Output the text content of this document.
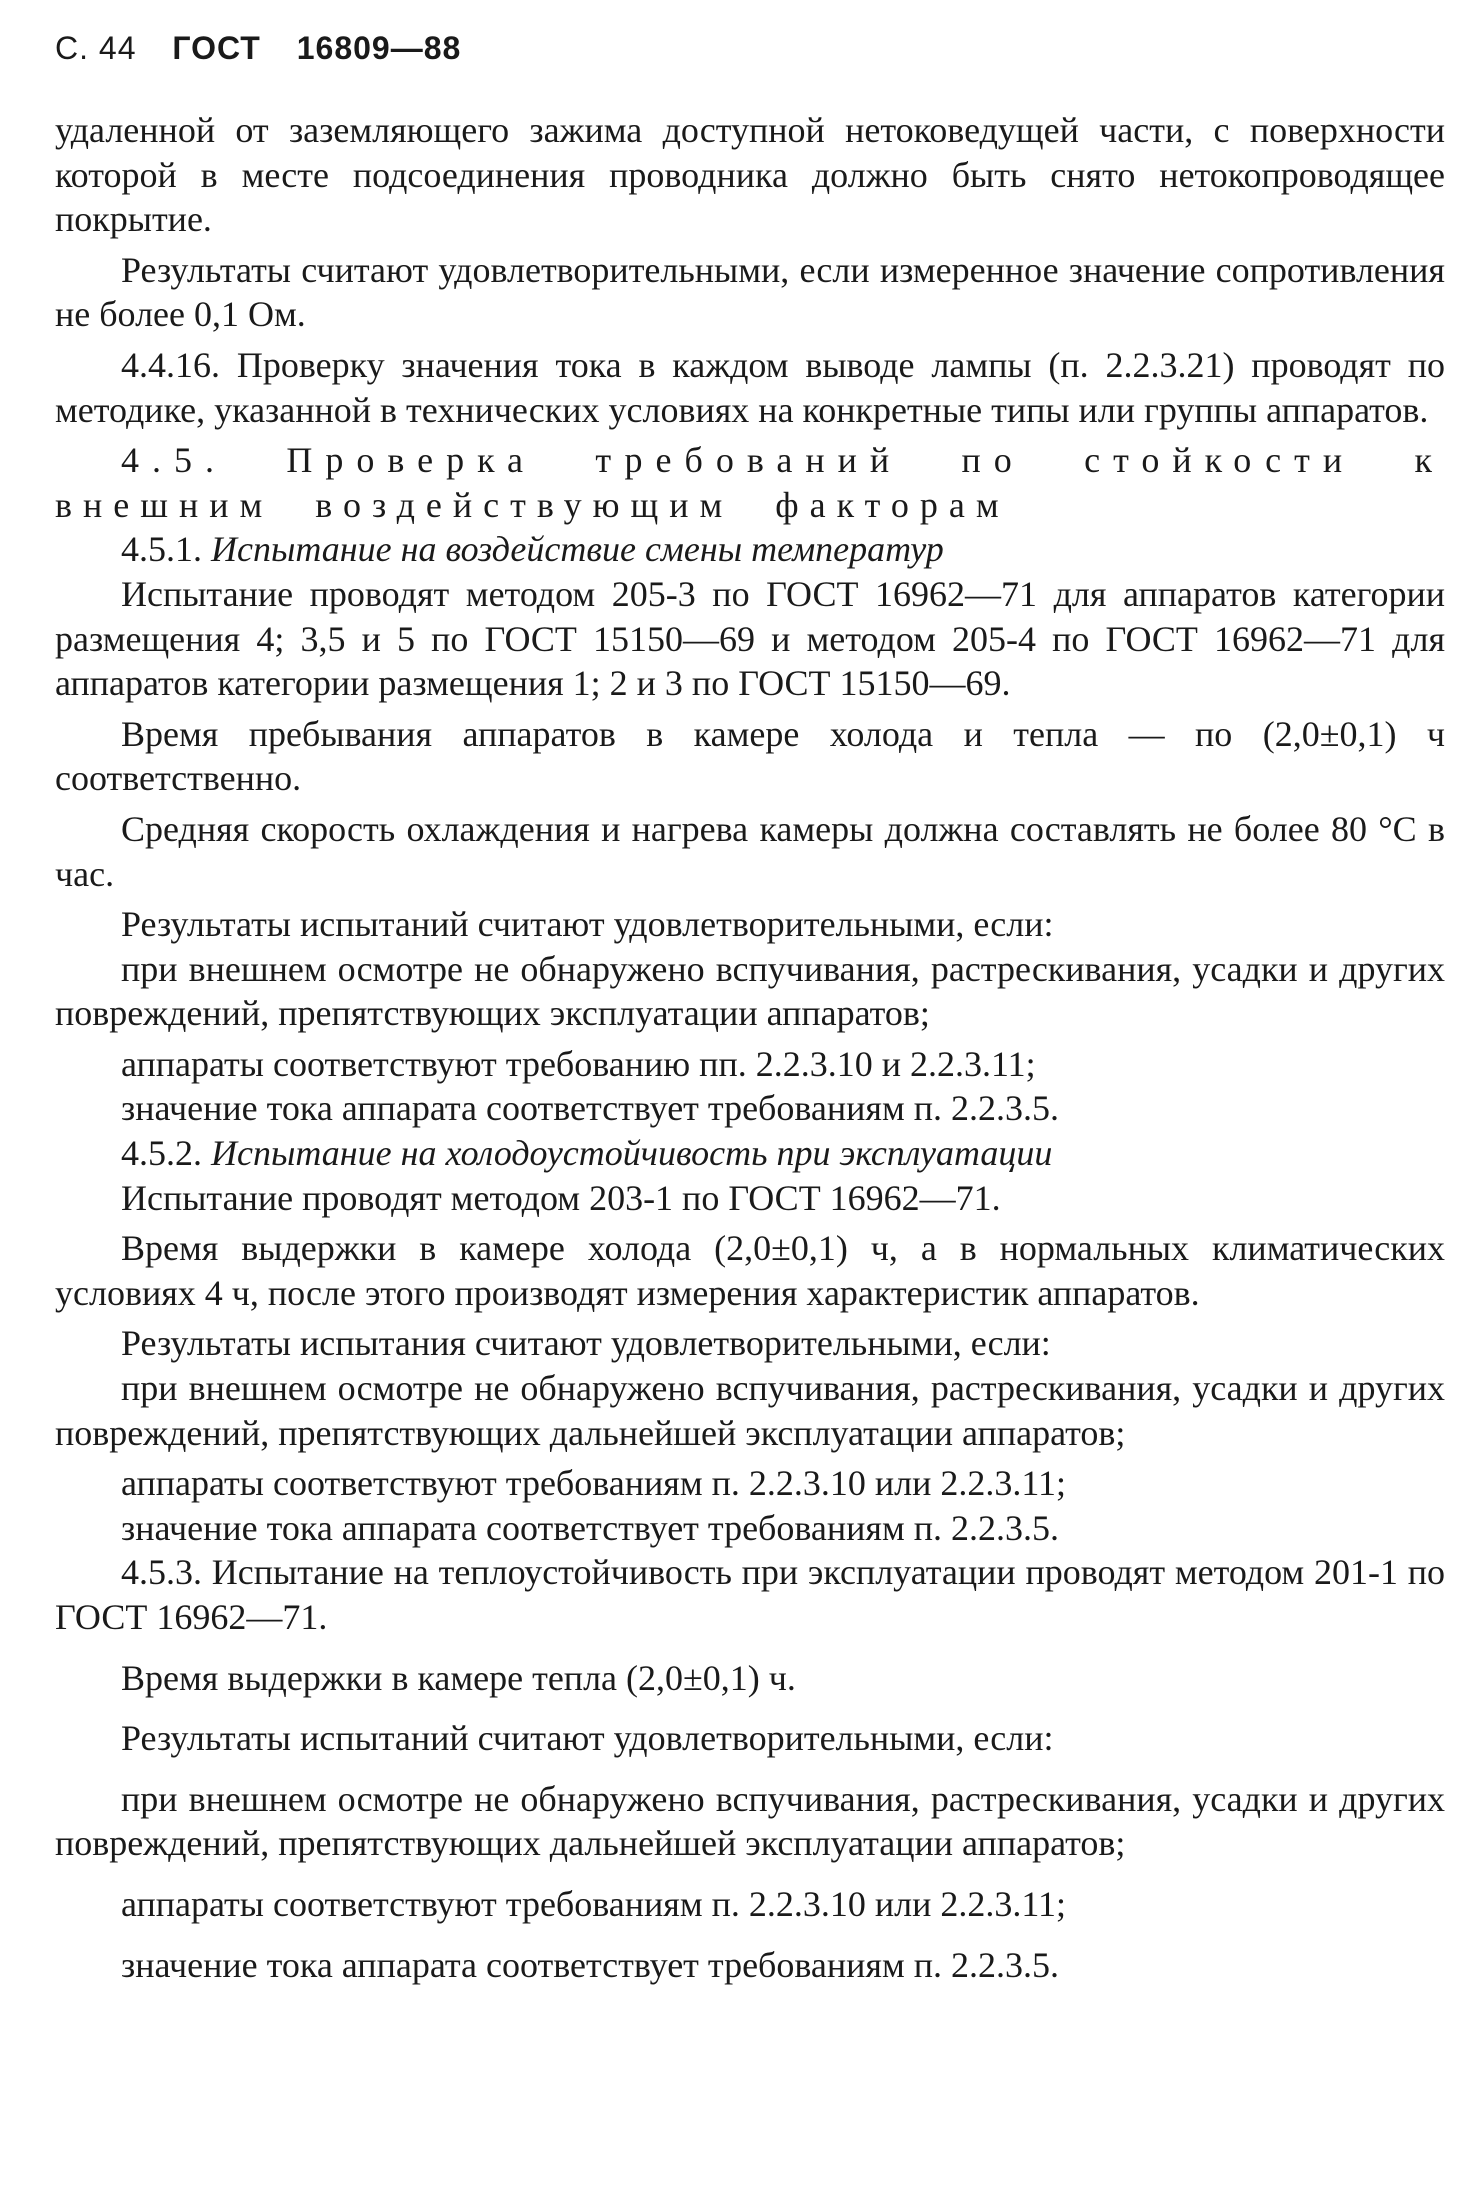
С. 44 ГОСТ 16809—88

удаленной от заземляющего зажима доступной нетоковедущей части, с поверхности которой в месте подсоединения проводника должно быть снято нетокопроводящее покрытие.

Результаты считают удовлетворительными, если измеренное значение сопротивления не более 0,1 Ом.

4.4.16. Проверку значения тока в каждом выводе лампы (п. 2.2.3.21) проводят по методике, указанной в технических условиях на конкретные типы или группы аппаратов.

4.5. Проверка требований по стойкости к
внешним воздействующим факторам

4.5.1. Испытание на воздействие смены температур

Испытание проводят методом 205-3 по ГОСТ 16962—71 для аппаратов категории размещения 4; 3,5 и 5 по ГОСТ 15150—69 и методом 205-4 по ГОСТ 16962—71 для аппаратов категории размещения 1; 2 и 3 по ГОСТ 15150—69.

Время пребывания аппаратов в камере холода и тепла — по (2,0±0,1) ч соответственно.

Средняя скорость охлаждения и нагрева камеры должна составлять не более 80 °С в час.

Результаты испытаний считают удовлетворительными, если:

при внешнем осмотре не обнаружено вспучивания, растрескивания, усадки и других повреждений, препятствующих эксплуатации аппаратов;

аппараты соответствуют требованию пп. 2.2.3.10 и 2.2.3.11;

значение тока аппарата соответствует требованиям п. 2.2.3.5.

4.5.2. Испытание на холодоустойчивость при эксплуатации

Испытание проводят методом 203-1 по ГОСТ 16962—71.

Время выдержки в камере холода (2,0±0,1) ч, а в нормальных климатических условиях 4 ч, после этого производят измерения характеристик аппаратов.

Результаты испытания считают удовлетворительными, если:

при внешнем осмотре не обнаружено вспучивания, растрескивания, усадки и других повреждений, препятствующих дальнейшей эксплуатации аппаратов;

аппараты соответствуют требованиям п. 2.2.3.10 или 2.2.3.11;

значение тока аппарата соответствует требованиям п. 2.2.3.5.

4.5.3. Испытание на теплоустойчивость при эксплуатации проводят методом 201-1 по ГОСТ 16962—71.

Время выдержки в камере тепла (2,0±0,1) ч.

Результаты испытаний считают удовлетворительными, если:

при внешнем осмотре не обнаружено вспучивания, растрескивания, усадки и других повреждений, препятствующих дальнейшей эксплуатации аппаратов;

аппараты соответствуют требованиям п. 2.2.3.10 или 2.2.3.11;

значение тока аппарата соответствует требованиям п. 2.2.3.5.
